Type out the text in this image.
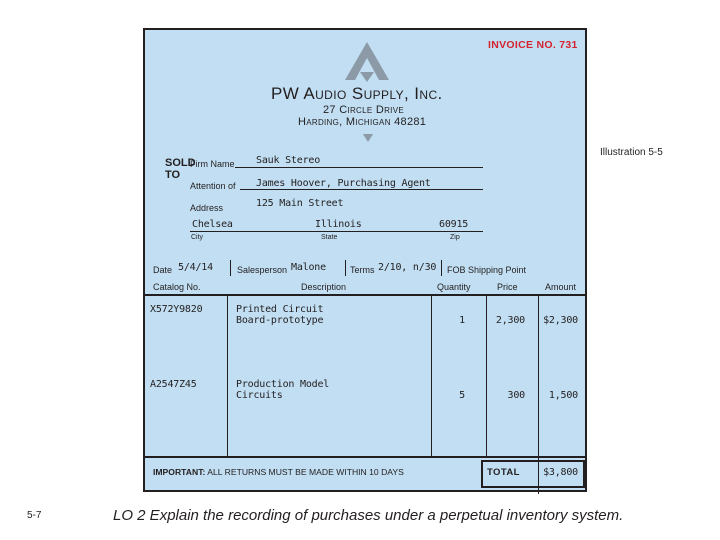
INVOICE NO. 731
PW Audio Supply, Inc.
27 Circle Drive
Harding, Michigan 48281
SOLD TO
Firm Name Sauk Stereo
Attention of James Hoover, Purchasing Agent
Address	125 Main Street
Chelsea	Illinois	60915
City	State	Zip
Date 5/4/14	Salesperson Malone	Terms 2/10, n/30 FOB Shipping Point
Catalog No.	Description	Quantity	Price	Amount
X572Y9820	Printed Circuit
Board-prototype	1	2,300	$2,300
A2547Z45	Production Model
Circuits	5	300	1,500
IMPORTANT: ALL RETURNS MUST BE MADE WITHIN 10 DAYS	TOTAL	$3,800
Illustration 5-5
5-7	LO 2 Explain the recording of purchases under a perpetual inventory system.
